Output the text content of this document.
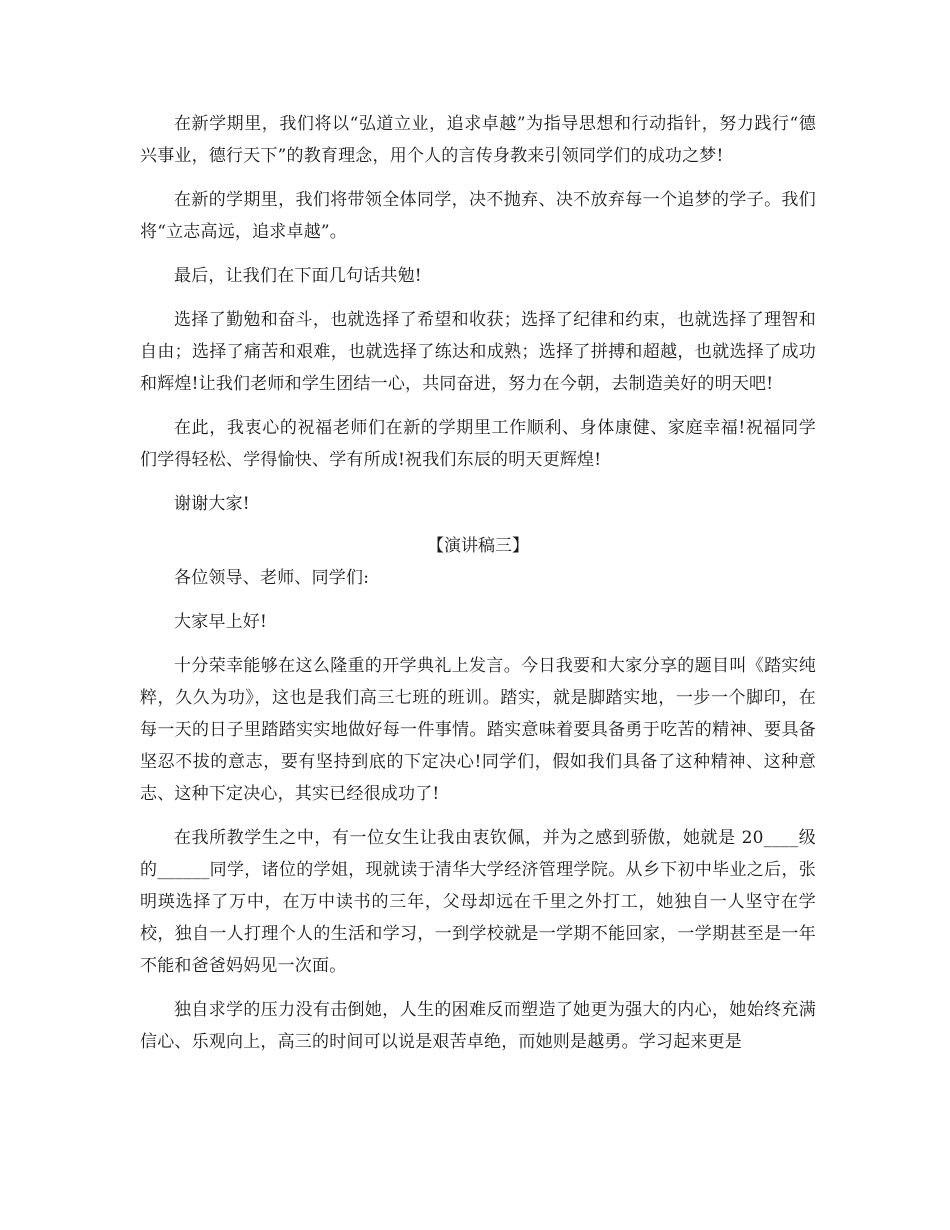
在新学期里，我们将以“弘道立业，追求卓越”为指导思想和行动指针，努力践行“德兴事业，德行天下”的教育理念，用个人的言传身教来引领同学们的成功之梦!

在新的学期里，我们将带领全体同学，决不抛弃、决不放弃每一个追梦的学子。我们将“立志高远，追求卓越”。

最后，让我们在下面几句话共勉!

选择了勤勉和奋斗，也就选择了希望和收获；选择了纪律和约束，也就选择了理智和自由；选择了痛苦和艰难，也就选择了练达和成熟；选择了拼搏和超越，也就选择了成功和辉煌!让我们老师和学生团结一心，共同奋进，努力在今朝，去制造美好的明天吧!

在此，我衷心的祝福老师们在新的学期里工作顺利、身体康健、家庭幸福!祝福同学们学得轻松、学得愉快、学有所成!祝我们东辰的明天更辉煌!

谢谢大家!

【演讲稿三】

各位领导、老师、同学们:

大家早上好!

十分荣幸能够在这么隆重的开学典礼上发言。今日我要和大家分享的题目叫《踏实纯粹，久久为功》，这也是我们高三七班的班训。踏实，就是脚踏实地，一步一个脚印，在每一天的日子里踏踏实实地做好每一件事情。踏实意味着要具备勇于吃苦的精神、要具备坚忍不拔的意志，要有坚持到底的下定决心!同学们，假如我们具备了这种精神、这种意志、这种下定决心，其实已经很成功了!

在我所教学生之中，有一位女生让我由衷钦佩，并为之感到骄傲，她就是 20____级的______同学，诸位的学姐，现就读于清华大学经济管理学院。从乡下初中毕业之后，张明瑛选择了万中，在万中读书的三年，父母却远在千里之外打工，她独自一人坚守在学校，独自一人打理个人的生活和学习，一到学校就是一学期不能回家，一学期甚至是一年不能和爸爸妈妈见一次面。

独自求学的压力没有击倒她，人生的困难反而塑造了她更为强大的内心，她始终充满信心、乐观向上，高三的时间可以说是艰苦卓绝，而她则是越勇。学习起来更是
